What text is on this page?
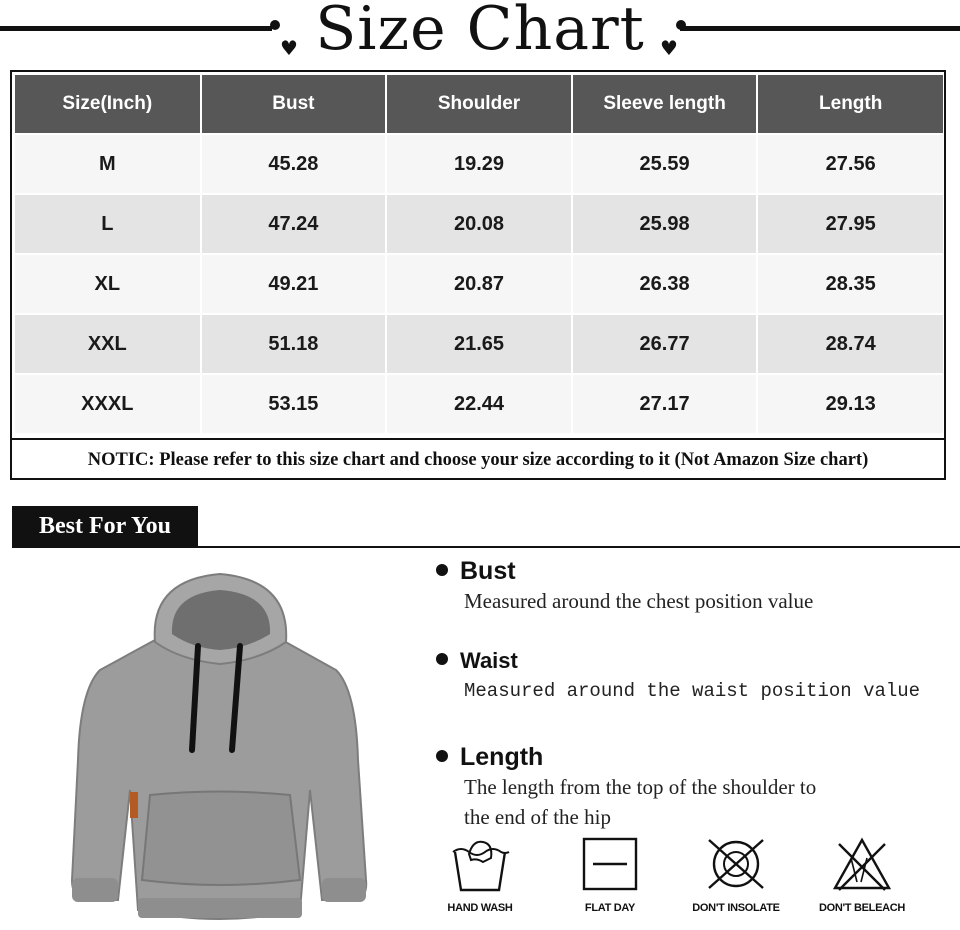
♥	♥
Size Chart
Size(Inch)	Bust	Shoulder	Sleeve length	Length
M	45.28	19.29	25.59	27.56
L	47.24	20.08	25.98	27.95
XL	49.21	20.87	26.38	28.35
XXL	51.18	21.65	26.77	28.74
XXXL	53.15	22.44	27.17	29.13
NOTIC: Please refer to this size chart and choose your size according to it (Not Amazon Size chart)
Best For You
Bust
Measured around the chest position value
Waist
Measured around the waist position value
Length
The length from the top of the shoulder to
the end of the hip
HAND WASH	FLAT DAY	DON'T INSOLATE	DON'T BELEACH
